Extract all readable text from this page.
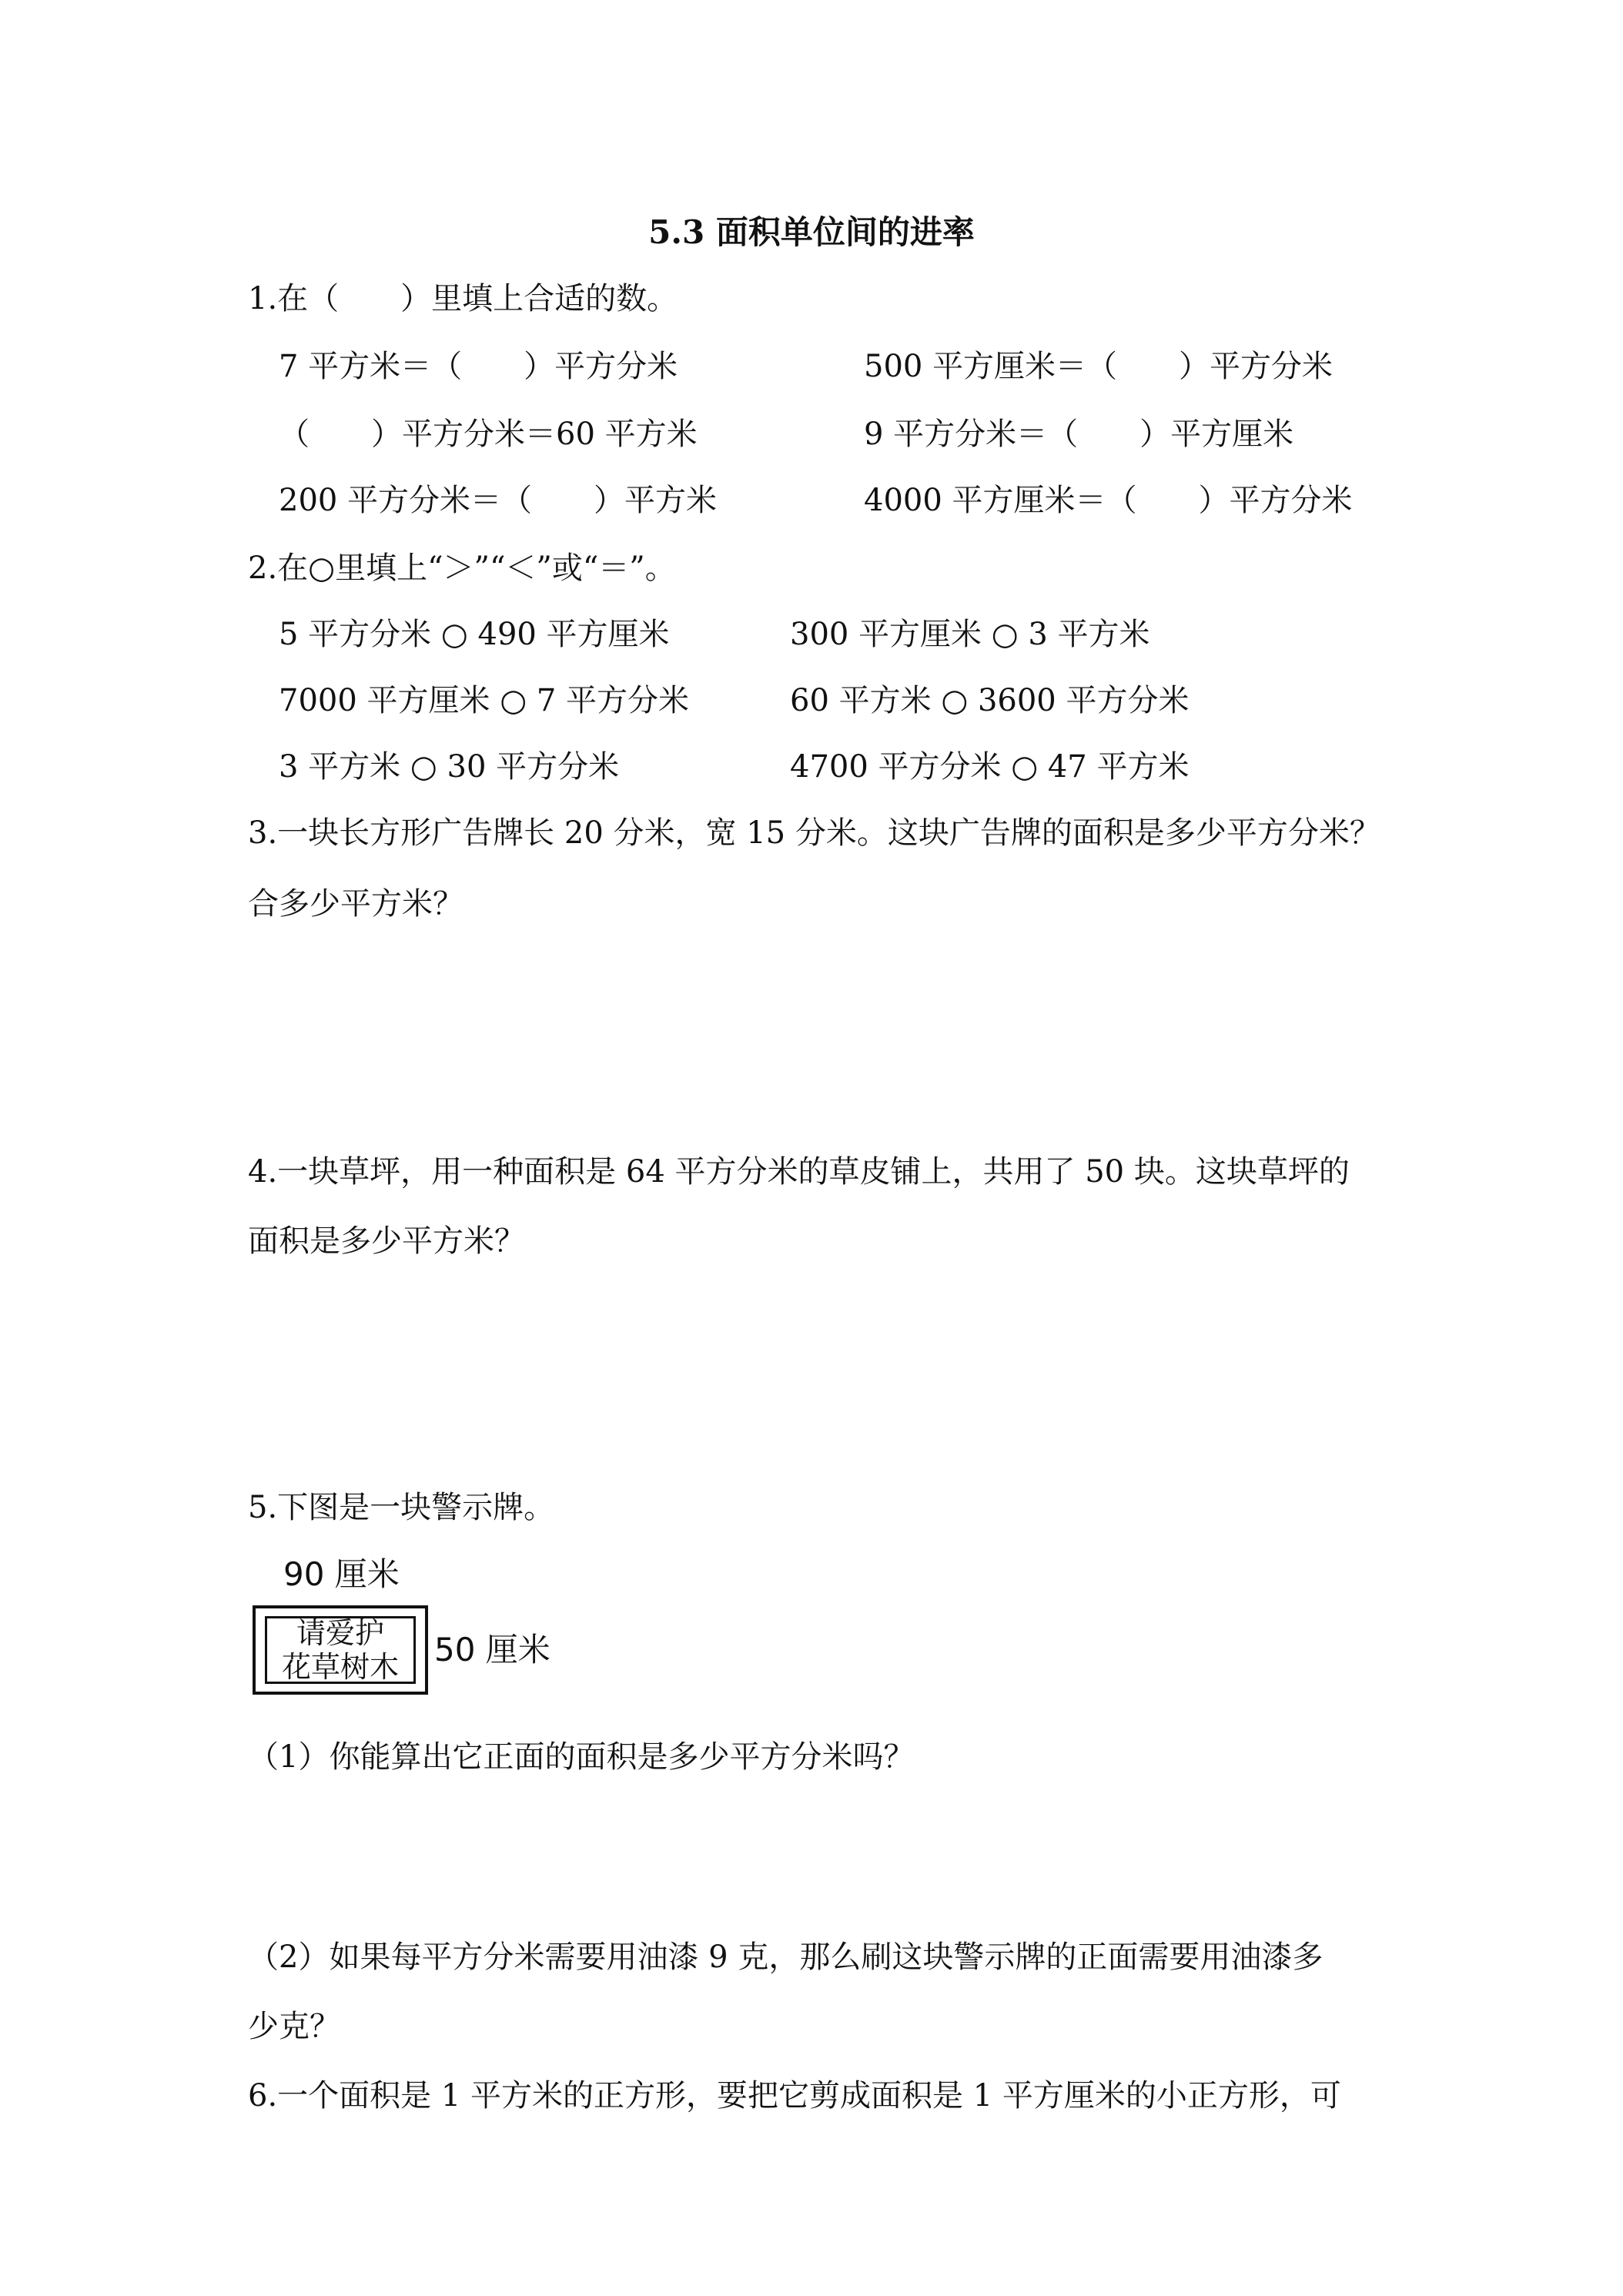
5.3 面积单位间的进率
1.在（　　）里填上合适的数。
7 平方米＝（　　）平方分米	500 平方厘米＝（　　）平方分米
（　　）平方分米＝60 平方米	9 平方分米＝（　　）平方厘米
200 平方分米＝（　　）平方米	4000 平方厘米＝（　　）平方分米
2.在○里填上“＞”“＜”或“＝”。
5 平方分米 ○ 490 平方厘米	300 平方厘米 ○ 3 平方米
7000 平方厘米 ○ 7 平方分米	60 平方米 ○ 3600 平方分米
3 平方米 ○ 30 平方分米	4700 平方分米 ○ 47 平方米
3.一块长方形广告牌长 20 分米，宽 15 分米。这块广告牌的面积是多少平方分米？
合多少平方米？
4.一块草坪，用一种面积是 64 平方分米的草皮铺上，共用了 50 块。这块草坪的
面积是多少平方米？
5.下图是一块警示牌。
90 厘米
请爱护
花草树木 50 厘米
（1）你能算出它正面的面积是多少平方分米吗？
（2）如果每平方分米需要用油漆 9 克，那么刷这块警示牌的正面需要用油漆多
少克？
6.一个面积是 1 平方米的正方形，要把它剪成面积是 1 平方厘米的小正方形，可
